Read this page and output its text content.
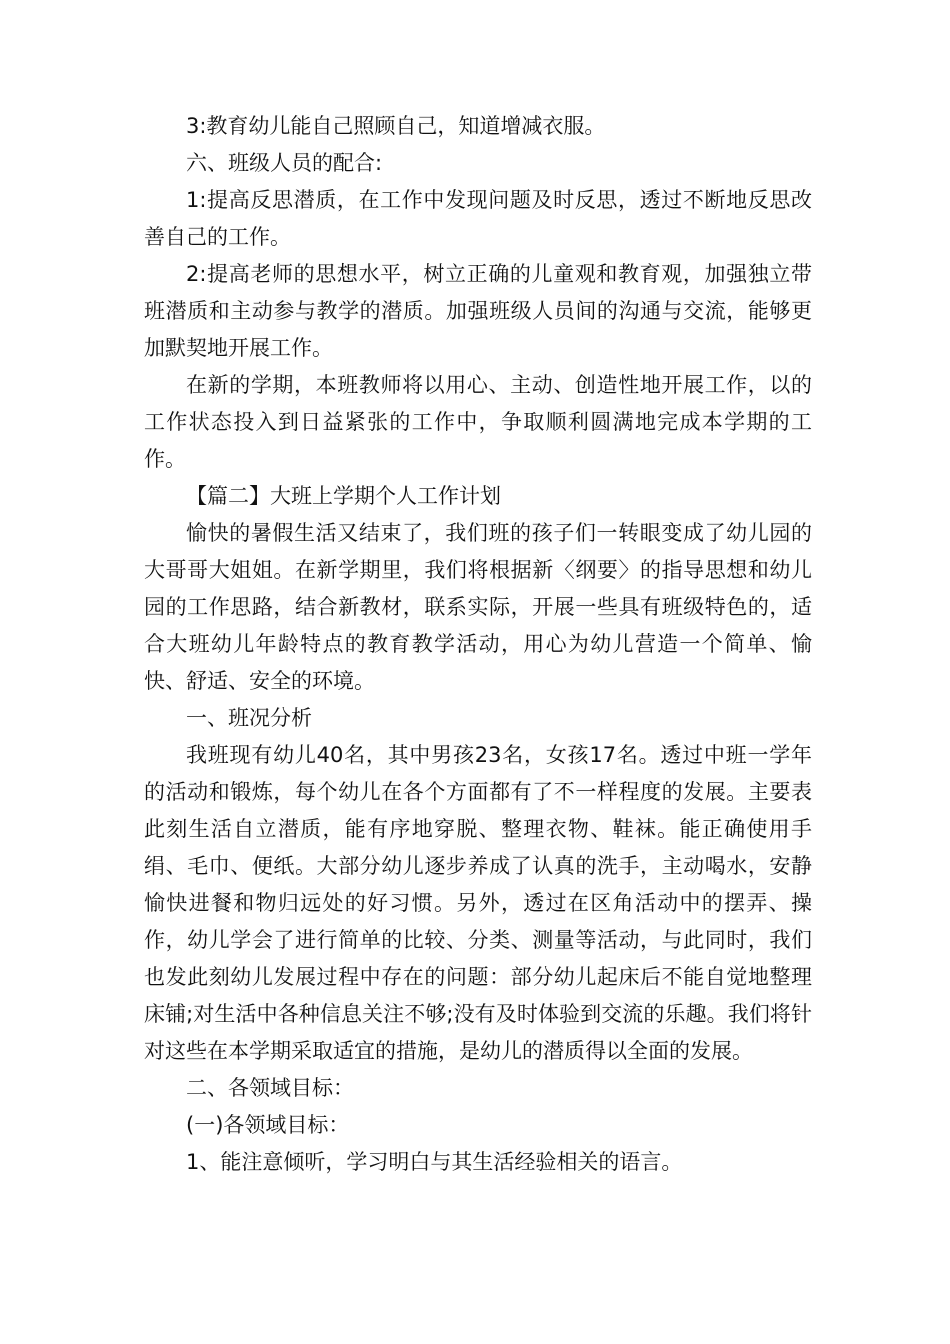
3:教育幼儿能自己照顾自己，知道增减衣服。

六、班级人员的配合:

1:提高反思潜质，在工作中发现问题及时反思，透过不断地反思改善自己的工作。

2:提高老师的思想水平，树立正确的儿童观和教育观，加强独立带班潜质和主动参与教学的潜质。加强班级人员间的沟通与交流，能够更加默契地开展工作。

在新的学期，本班教师将以用心、主动、创造性地开展工作，以的工作状态投入到日益紧张的工作中，争取顺利圆满地完成本学期的工作。

【篇二】大班上学期个人工作计划

愉快的暑假生活又结束了，我们班的孩子们一转眼变成了幼儿园的大哥哥大姐姐。在新学期里，我们将根据新〈纲要〉的指导思想和幼儿园的工作思路，结合新教材，联系实际，开展一些具有班级特色的，适合大班幼儿年龄特点的教育教学活动，用心为幼儿营造一个简单、愉快、舒适、安全的环境。

一、班况分析

我班现有幼儿40名，其中男孩23名，女孩17名。透过中班一学年的活动和锻炼，每个幼儿在各个方面都有了不一样程度的发展。主要表此刻生活自立潜质，能有序地穿脱、整理衣物、鞋袜。能正确使用手绢、毛巾、便纸。大部分幼儿逐步养成了认真的洗手，主动喝水，安静愉快进餐和物归远处的好习惯。另外，透过在区角活动中的摆弄、操作，幼儿学会了进行简单的比较、分类、测量等活动，与此同时，我们也发此刻幼儿发展过程中存在的问题：部分幼儿起床后不能自觉地整理床铺;对生活中各种信息关注不够;没有及时体验到交流的乐趣。我们将针对这些在本学期采取适宜的措施，是幼儿的潜质得以全面的发展。

二、各领域目标：

(一)各领域目标：

1、能注意倾听，学习明白与其生活经验相关的语言。
